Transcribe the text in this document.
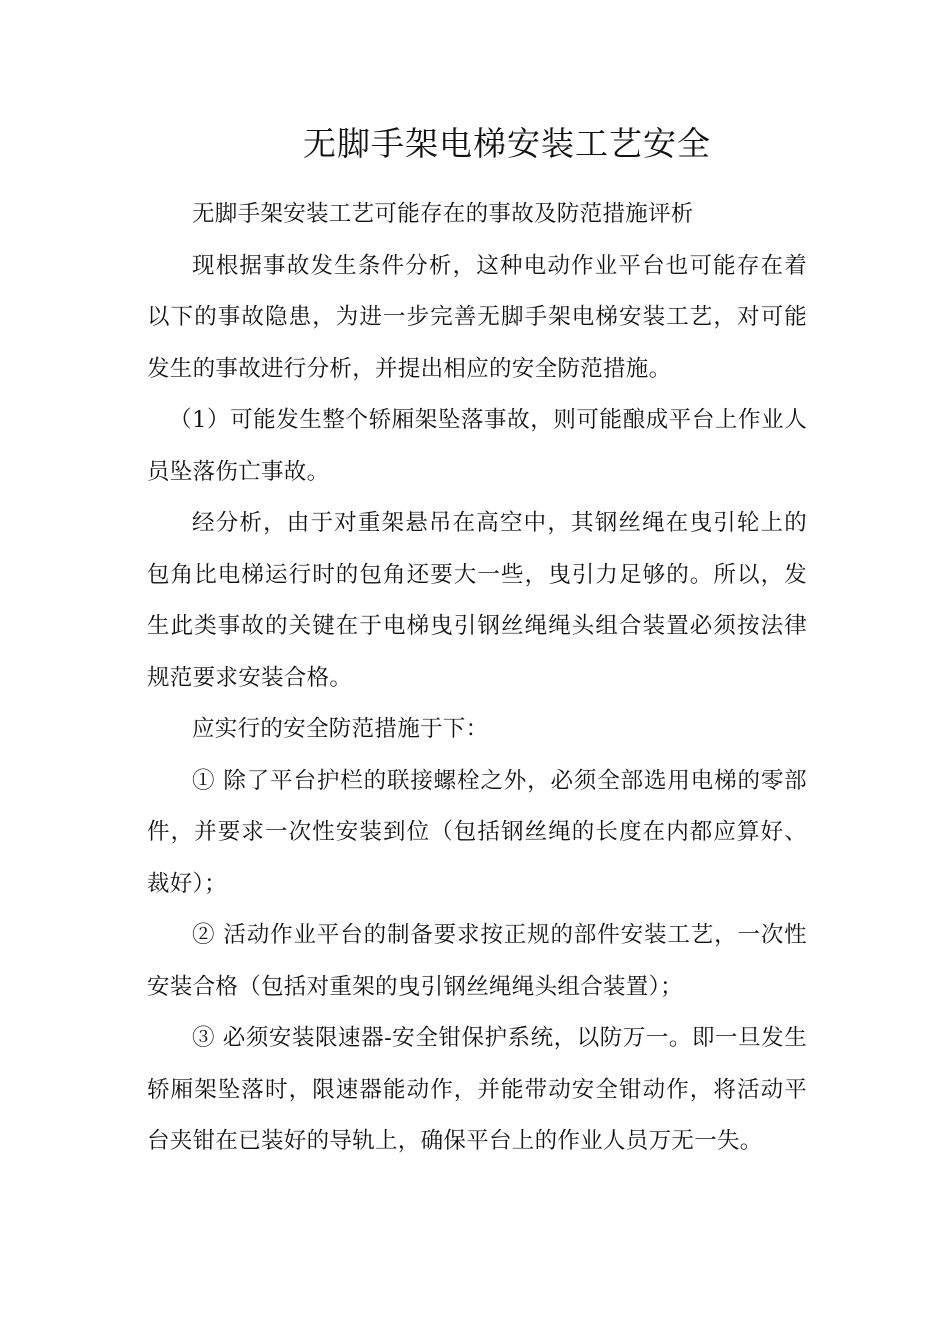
无脚手架电梯安装工艺安全

无脚手架安装工艺可能存在的事故及防范措施评析

现根据事故发生条件分析，这种电动作业平台也可能存在着以下的事故隐患，为进一步完善无脚手架电梯安装工艺，对可能发生的事故进行分析，并提出相应的安全防范措施。

（1）可能发生整个轿厢架坠落事故，则可能酿成平台上作业人员坠落伤亡事故。

经分析，由于对重架悬吊在高空中，其钢丝绳在曳引轮上的包角比电梯运行时的包角还要大一些，曳引力足够的。所以，发生此类事故的关键在于电梯曳引钢丝绳绳头组合装置必须按法律规范要求安装合格。

应实行的安全防范措施于下：

① 除了平台护栏的联接螺栓之外，必须全部选用电梯的零部件，并要求一次性安装到位（包括钢丝绳的长度在内都应算好、裁好）；

② 活动作业平台的制备要求按正规的部件安装工艺，一次性安装合格（包括对重架的曳引钢丝绳绳头组合装置）；

③ 必须安装限速器-安全钳保护系统，以防万一。即一旦发生轿厢架坠落时，限速器能动作，并能带动安全钳动作，将活动平台夹钳在已装好的导轨上，确保平台上的作业人员万无一失。
